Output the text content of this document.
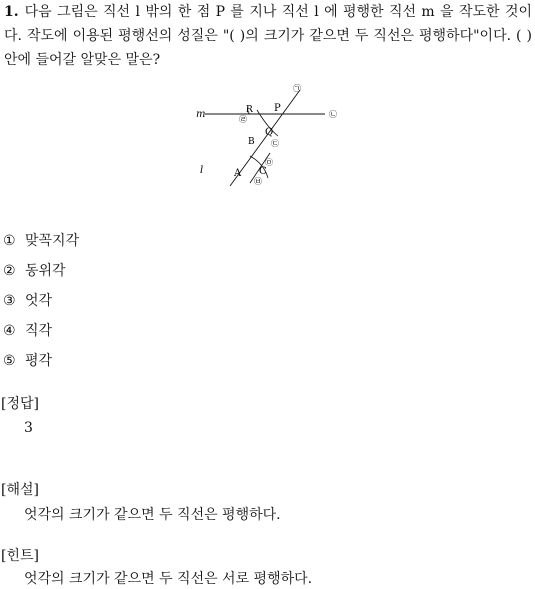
1. 다음 그림은 직선 l 밖의 한 점 P 를 지나 직선 l 에 평행한 직선 m 을 작도한 것이다. 작도에 이용된 평행선의 성질은 "( )의 크기가 같으면 두 직선은 평행하다"이다. ( )안에 들어갈 알맞은 말은?
m
l
P
R
Q
B
A C
㉠
㉡
㉢
㉣
㉤
㉥
① 맞꼭지각
② 동위각
③ 엇각
④ 직각
⑤ 평각
[정답]
3
[해설]
엇각의 크기가 같으면 두 직선은 평행하다.
[힌트]
엇각의 크기가 같으면 두 직선은 서로 평행하다.
